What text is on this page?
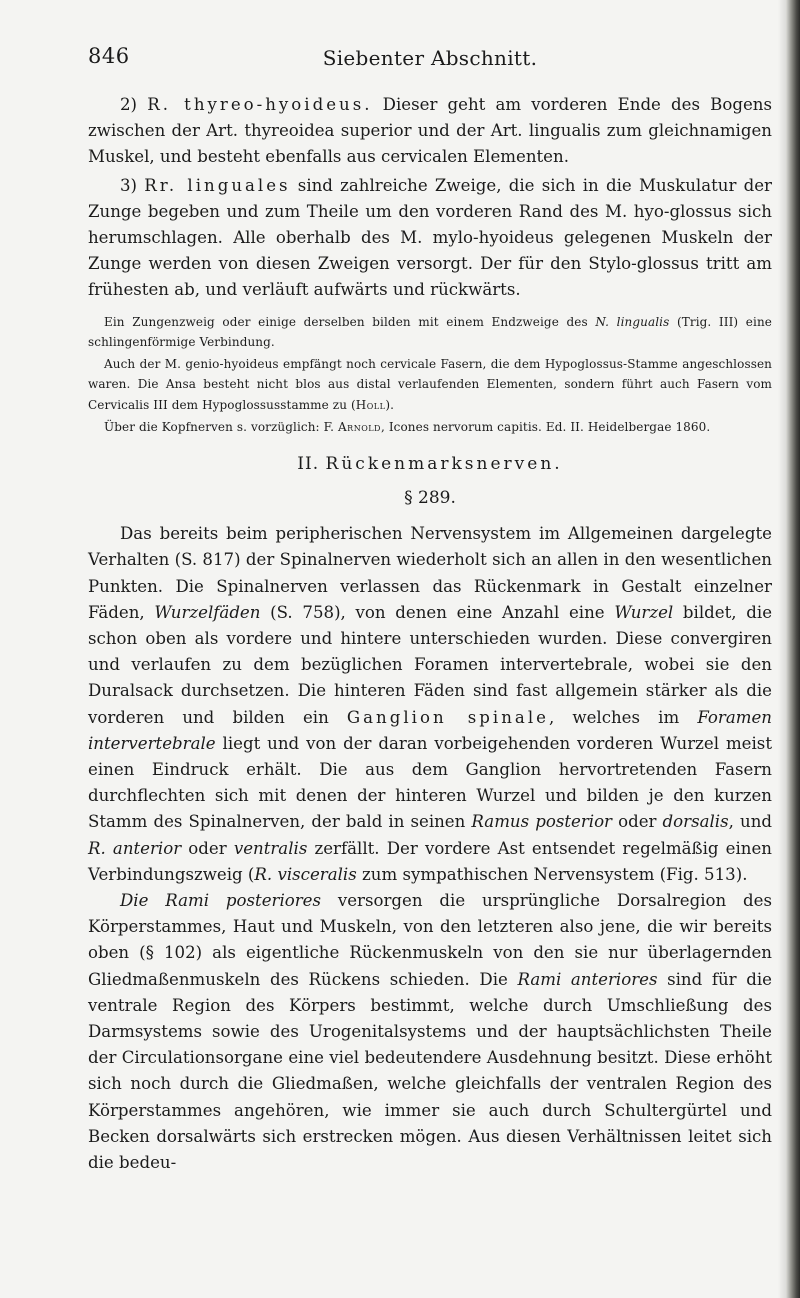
846	Siebenter Abschnitt.

2) R. thyreo-hyoideus. Dieser geht am vorderen Ende des Bogens zwischen der Art. thyreoidea superior und der Art. lingualis zum gleichnamigen Muskel, und besteht ebenfalls aus cervicalen Elementen.

3) Rr. linguales sind zahlreiche Zweige, die sich in die Muskulatur der Zunge begeben und zum Theile um den vorderen Rand des M. hyo-glossus sich herumschlagen. Alle oberhalb des M. mylo-hyoideus gelegenen Muskeln der Zunge werden von diesen Zweigen versorgt. Der für den Stylo-glossus tritt am frühesten ab, und verläuft aufwärts und rückwärts.

Ein Zungenzweig oder einige derselben bilden mit einem Endzweige des N. lingualis (Trig. III) eine schlingenförmige Verbindung.

Auch der M. genio-hyoideus empfängt noch cervicale Fasern, die dem Hypoglossus-Stamme angeschlossen waren. Die Ansa besteht nicht blos aus distal verlaufenden Elementen, sondern führt auch Fasern vom Cervicalis III dem Hypoglossusstamme zu (Holl).

Über die Kopfnerven s. vorzüglich: F. Arnold, Icones nervorum capitis. Ed. II. Heidelbergae 1860.

II. Rückenmarksnerven.

§ 289.

Das bereits beim peripherischen Nervensystem im Allgemeinen dargelegte Verhalten (S. 817) der Spinalnerven wiederholt sich an allen in den wesentlichen Punkten. Die Spinalnerven verlassen das Rückenmark in Gestalt einzelner Fäden, Wurzelfäden (S. 758), von denen eine Anzahl eine Wurzel bildet, die schon oben als vordere und hintere unterschieden wurden. Diese convergiren und verlaufen zu dem bezüglichen Foramen intervertebrale, wobei sie den Duralsack durchsetzen. Die hinteren Fäden sind fast allgemein stärker als die vorderen und bilden ein Ganglion spinale, welches im Foramen intervertebrale liegt und von der daran vorbeigehenden vorderen Wurzel meist einen Eindruck erhält. Die aus dem Ganglion hervortretenden Fasern durchflechten sich mit denen der hinteren Wurzel und bilden je den kurzen Stamm des Spinalnerven, der bald in seinen Ramus posterior oder dorsalis, und R. anterior oder ventralis zerfällt. Der vordere Ast entsendet regelmäßig einen Verbindungszweig (R. visceralis zum sympathischen Nervensystem (Fig. 513).

Die Rami posteriores versorgen die ursprüngliche Dorsalregion des Körperstammes, Haut und Muskeln, von den letzteren also jene, die wir bereits oben (§ 102) als eigentliche Rückenmuskeln von den sie nur überlagernden Gliedmaßenmuskeln des Rückens schieden. Die Rami anteriores sind für die ventrale Region des Körpers bestimmt, welche durch Umschließung des Darmsystems sowie des Urogenitalsystems und der hauptsächlichsten Theile der Circulationsorgane eine viel bedeutendere Ausdehnung besitzt. Diese erhöht sich noch durch die Gliedmaßen, welche gleichfalls der ventralen Region des Körperstammes angehören, wie immer sie auch durch Schultergürtel und Becken dorsalwärts sich erstrecken mögen. Aus diesen Verhältnissen leitet sich die bedeu-
